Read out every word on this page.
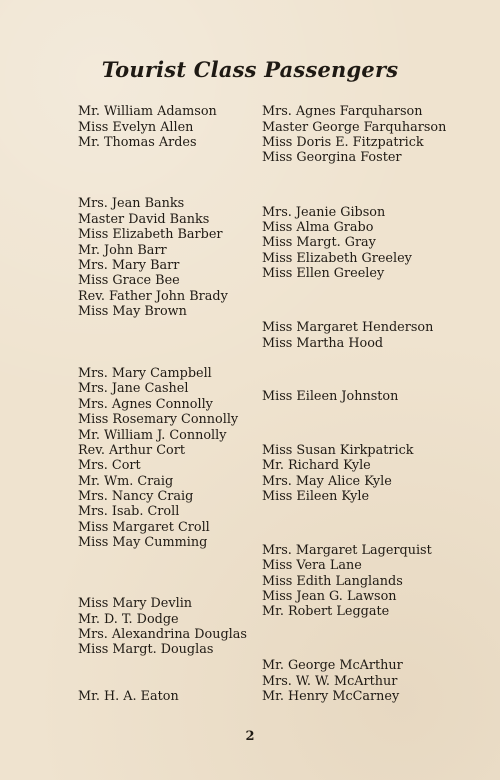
Tourist Class Passengers
Mr. William Adamson
Miss Evelyn Allen
Mr. Thomas Ardes
Mrs. Jean Banks
Master David Banks
Miss Elizabeth Barber
Mr. John Barr
Mrs. Mary Barr
Miss Grace Bee
Rev. Father John Brady
Miss May Brown
Mrs. Mary Campbell
Mrs. Jane Cashel
Mrs. Agnes Connolly
Miss Rosemary Connolly
Mr. William J. Connolly
Rev. Arthur Cort
Mrs. Cort
Mr. Wm. Craig
Mrs. Nancy Craig
Mrs. Isab. Croll
Miss Margaret Croll
Miss May Cumming
Miss Mary Devlin
Mr. D. T. Dodge
Mrs. Alexandrina Douglas
Miss Margt. Douglas
Mr. H. A. Eaton
Mrs. Agnes Farquharson
Master George Farquharson
Miss Doris E. Fitzpatrick
Miss Georgina Foster
Mrs. Jeanie Gibson
Miss Alma Grabo
Miss Margt. Gray
Miss Elizabeth Greeley
Miss Ellen Greeley
Miss Margaret Henderson
Miss Martha Hood
Miss Eileen Johnston
Miss Susan Kirkpatrick
Mr. Richard Kyle
Mrs. May Alice Kyle
Miss Eileen Kyle
Mrs. Margaret Lagerquist
Miss Vera Lane
Miss Edith Langlands
Miss Jean G. Lawson
Mr. Robert Leggate
Mr. George McArthur
Mrs. W. W. McArthur
Mr. Henry McCarney
2
